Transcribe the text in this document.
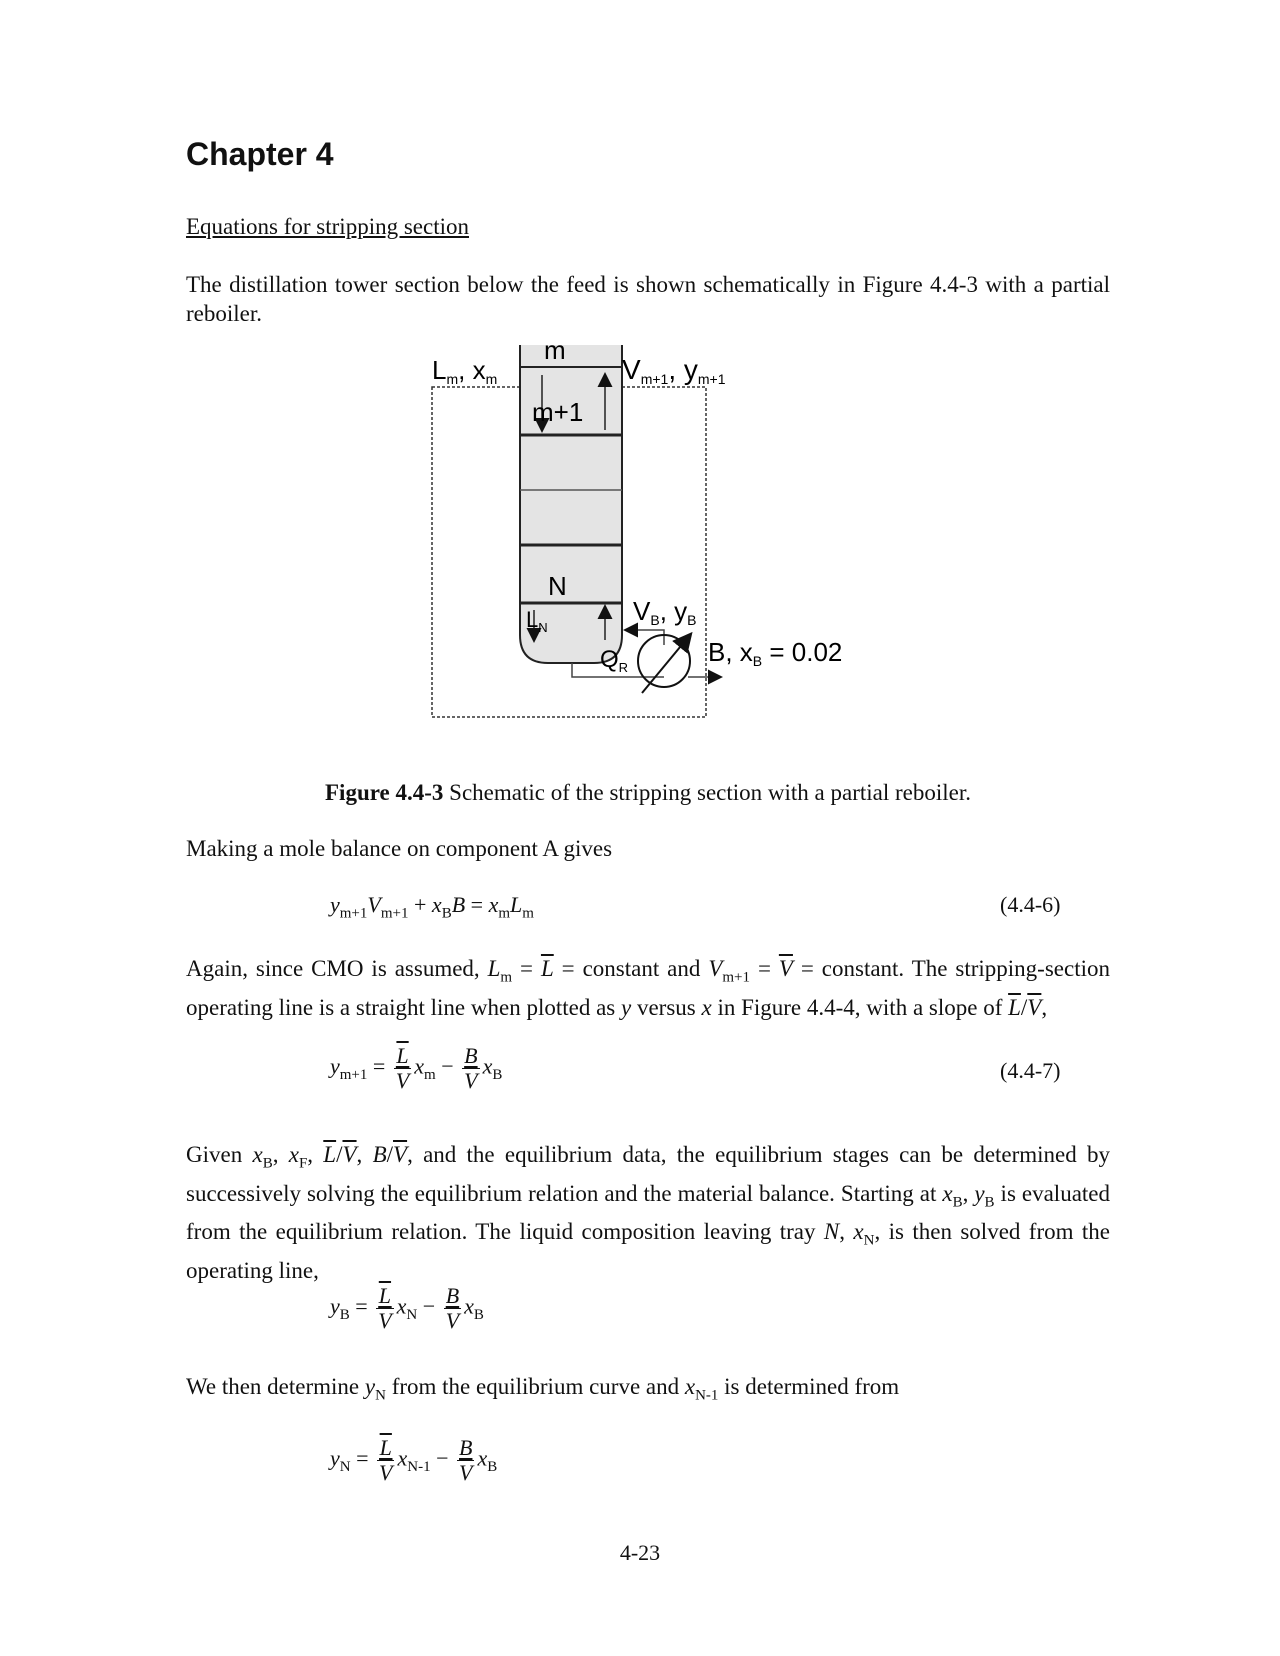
Chapter 4
Equations for stripping section
The distillation tower section below the feed is shown schematically in Figure 4.4-3 with a partial reboiler.
Lm, xm
m
m+1
N
Vm+1, ym+1
VB, yB
$L_N$
$Q_R$
B, xB = 0.02
Figure 4.4-3 Schematic of the stripping section with a partial reboiler.
Making a mole balance on component A gives
$y_{m+1}V_{m+1} + x_BB = x_mL_m$	(4.4-6)
Again, since CMO is assumed, $L_m = \overline{L}$ = constant and $V_{m+1} = \overline{V}$ = constant. The stripping-section operating line is a straight line when plotted as y versus x in Figure 4.4-4, with a slope of $\overline{L}/\overline{V}$,
$y_{m+1} = \frac{\overline{L}}{V} x_m - \frac{B}{V} x_B$	(4.4-7)
Given $x_B$, $x_F$, $\overline{L}/\overline{V}$, $B/\overline{V}$, and the equilibrium data, the equilibrium stages can be determined by successively solving the equilibrium relation and the material balance. Starting at $x_B$, $y_B$ is evaluated from the equilibrium relation. The liquid composition leaving tray N, $x_N$, is then solved from the operating line,
$y_B = \frac{\overline{L}}{V} x_N - \frac{B}{V} x_B$
We then determine $y_N$ from the equilibrium curve and $x_{N-1}$ is determined from
$y_N = \frac{\overline{L}}{V} x_{N-1} - \frac{B}{V} x_B$
4-23
